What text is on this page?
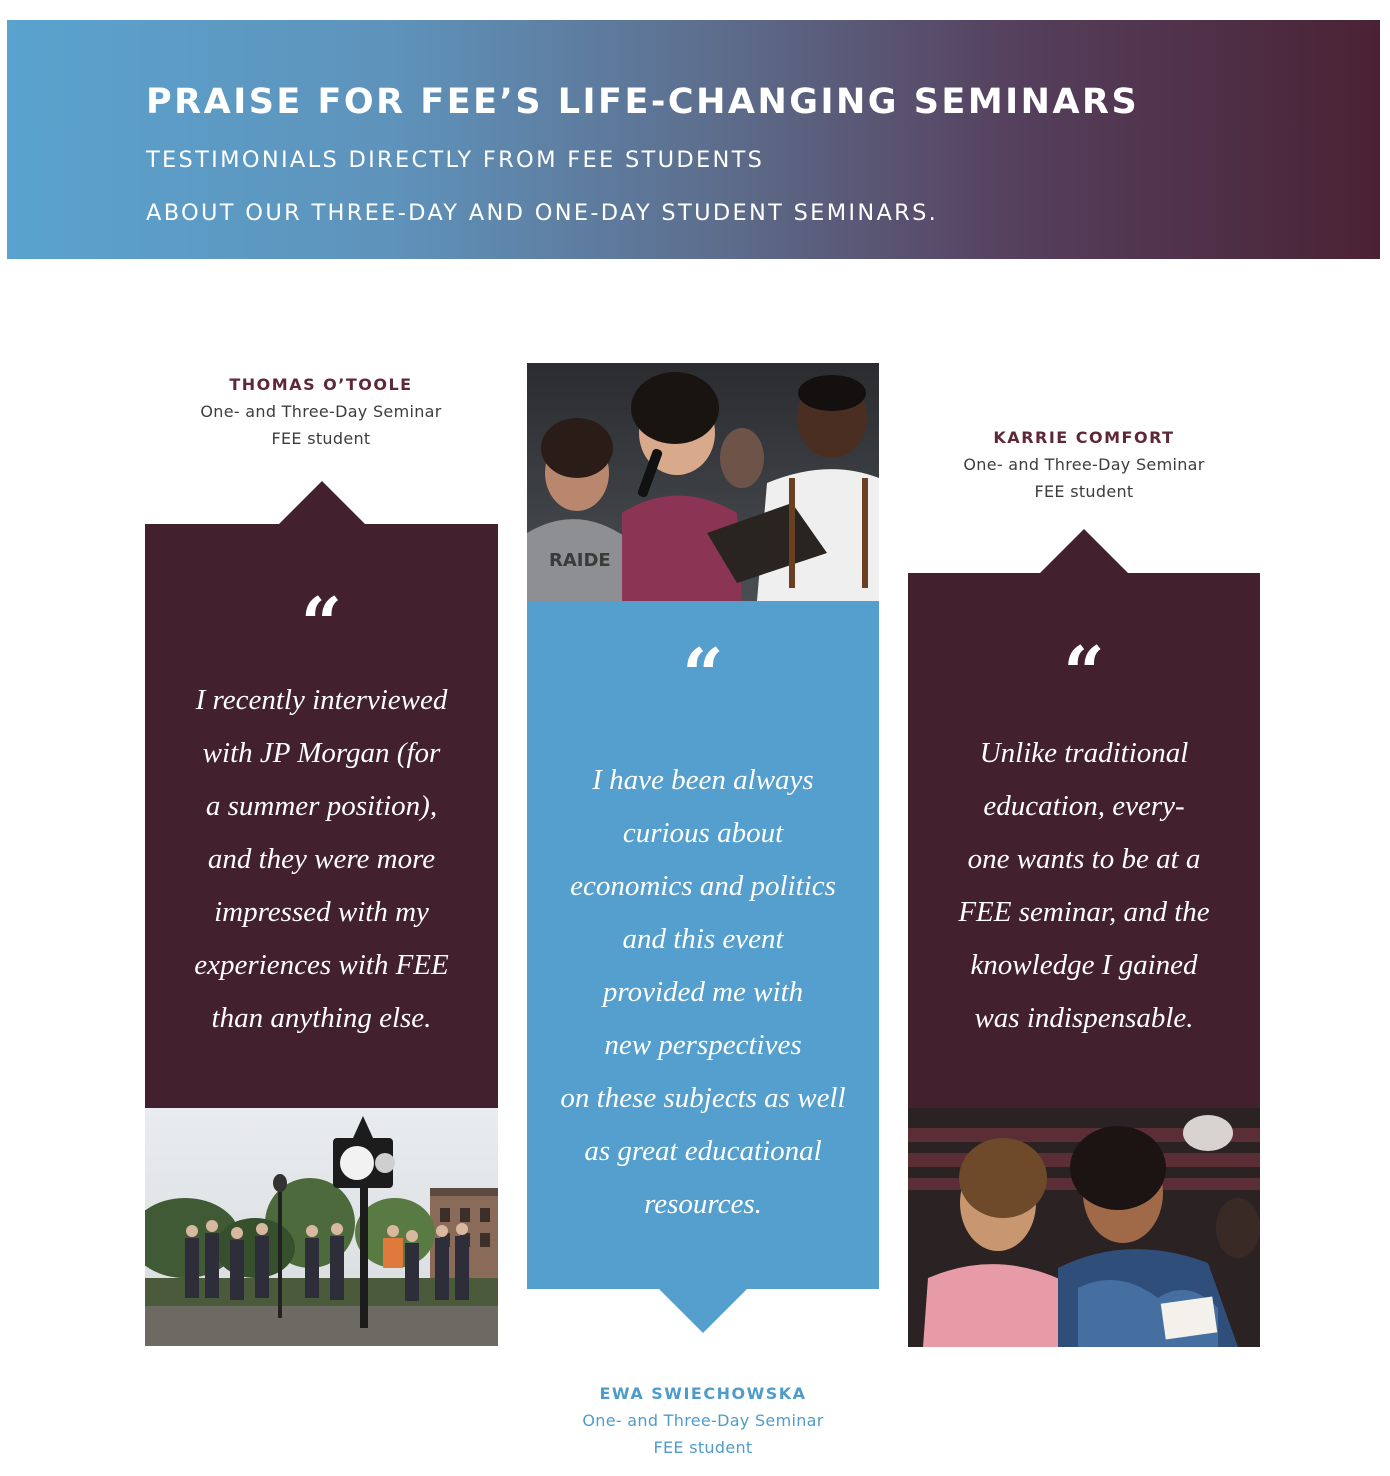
PRAISE FOR FEE’S LIFE-CHANGING SEMINARS
TESTIMONIALS DIRECTLY FROM FEE STUDENTS
ABOUT OUR THREE-DAY AND ONE-DAY STUDENT SEMINARS.
THOMAS O’TOOLE
One- and Three-Day Seminar
FEE student
“
I recently interviewed
with JP Morgan (for
a summer position),
and they were more
impressed with my
experiences with FEE
than anything else.
RAIDE
“
I have been always
curious about
economics and politics
and this event
provided me with
new perspectives
on these subjects as well
as great educational
resources.
EWA SWIECHOWSKA
One- and Three-Day Seminar
FEE student
KARRIE COMFORT
One- and Three-Day Seminar
FEE student
“
Unlike traditional
education, every-
one wants to be at a
FEE seminar, and the
knowledge I gained
was indispensable.
